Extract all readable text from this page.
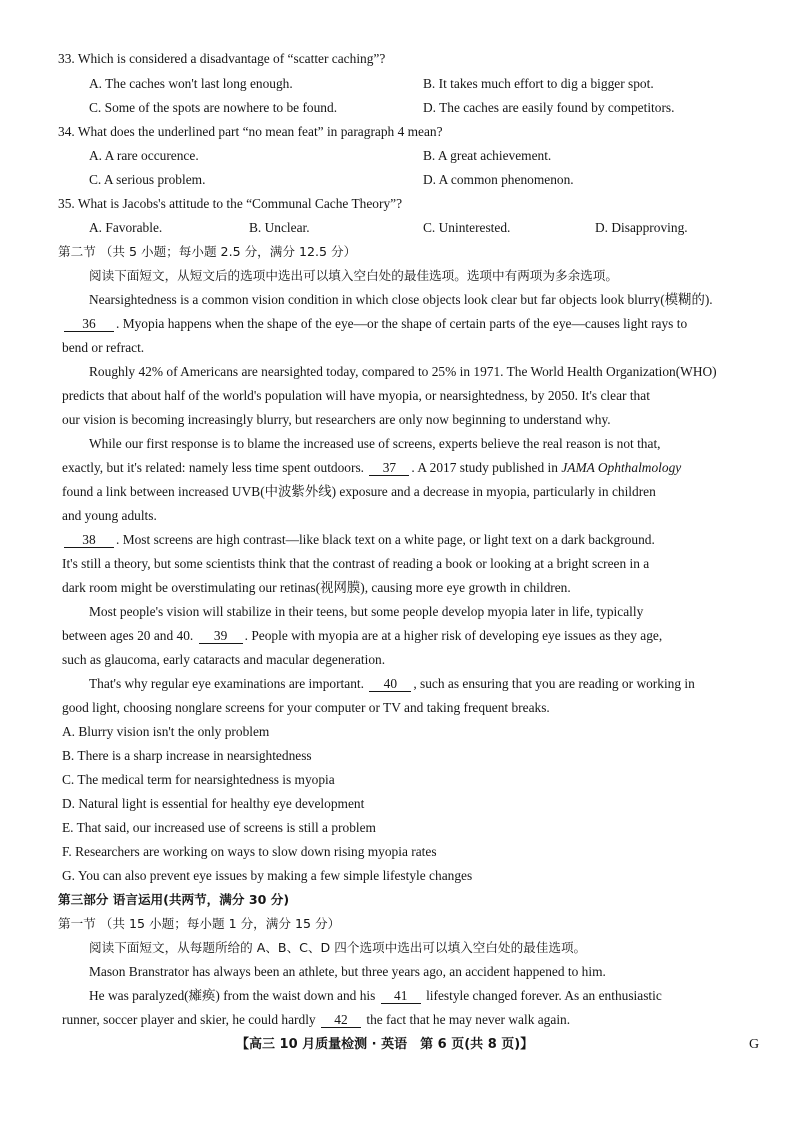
33. Which is considered a disadvantage of “scatter caching”?
A. The caches won't last long enough.	B. It takes much effort to dig a bigger spot.
C. Some of the spots are nowhere to be found.	D. The caches are easily found by competitors.
34. What does the underlined part “no mean feat” in paragraph 4 mean?
A. A rare occurence.	B. A great achievement.
C. A serious problem.	D. A common phenomenon.
35. What is Jacobs's attitude to the “Communal Cache Theory”?
A. Favorable.	B. Unclear.	C. Uninterested.	D. Disapproving.
第二节 （共 5 小题；每小题 2.5 分，满分 12.5 分）
阅读下面短文，从短文后的选项中选出可以填入空白处的最佳选项。选项中有两项为多余选项。
Nearsightedness is a common vision condition in which close objects look clear but far objects look blurry(模糊的).
36 . Myopia happens when the shape of the eye—or the shape of certain parts of the eye—causes light rays to
bend or refract.
Roughly 42% of Americans are nearsighted today, compared to 25% in 1971. The World Health Organization(WHO)
predicts that about half of the world's population will have myopia, or nearsightedness, by 2050. It's clear that
our vision is becoming increasingly blurry, but researchers are only now beginning to understand why.
While our first response is to blame the increased use of screens, experts believe the real reason is not that,
exactly, but it's related: namely less time spent outdoors. 37 . A 2017 study published in JAMA Ophthalmology
found a link between increased UVB(中波紫外线) exposure and a decrease in myopia, particularly in children
and young adults.
38 . Most screens are high contrast—like black text on a white page, or light text on a dark background.
It's still a theory, but some scientists think that the contrast of reading a book or looking at a bright screen in a
dark room might be overstimulating our retinas(视网膜), causing more eye growth in children.
Most people's vision will stabilize in their teens, but some people develop myopia later in life, typically
between ages 20 and 40. 39 . People with myopia are at a higher risk of developing eye issues as they age,
such as glaucoma, early cataracts and macular degeneration.
That's why regular eye examinations are important. 40 , such as ensuring that you are reading or working in
good light, choosing nonglare screens for your computer or TV and taking frequent breaks.
A. Blurry vision isn't the only problem
B. There is a sharp increase in nearsightedness
C. The medical term for nearsightedness is myopia
D. Natural light is essential for healthy eye development
E. That said, our increased use of screens is still a problem
F. Researchers are working on ways to slow down rising myopia rates
G. You can also prevent eye issues by making a few simple lifestyle changes
第三部分 语言运用(共两节，满分 30 分)
第一节 （共 15 小题；每小题 1 分，满分 15 分）
阅读下面短文，从每题所给的 A、B、C、D 四个选项中选出可以填入空白处的最佳选项。
Mason Branstrator has always been an athlete, but three years ago, an accident happened to him.
He was paralyzed(瘫痪) from the waist down and his 41 lifestyle changed forever. As an enthusiastic
runner, soccer player and skier, he could hardly 42 the fact that he may never walk again.
【高三 10 月质量检测 · 英语　第 6 页(共 8 页)】	G
